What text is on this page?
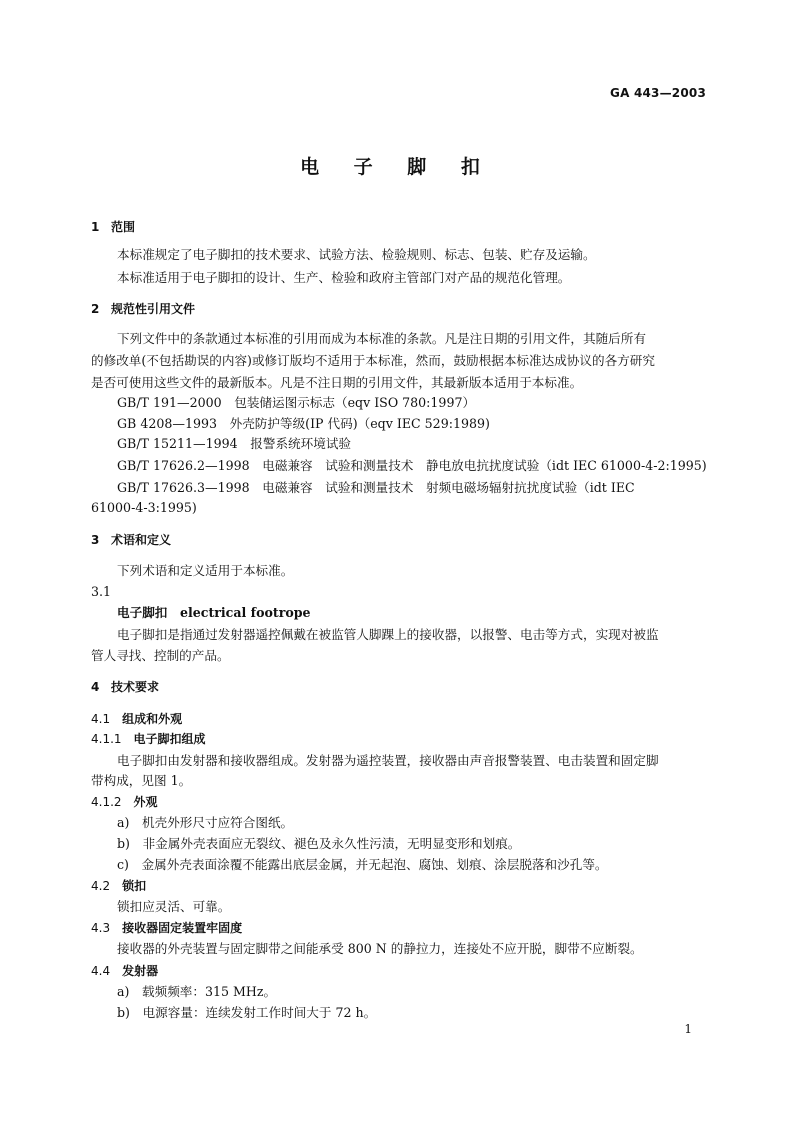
GA 443—2003
电 子 脚 扣
1 范围
本标准规定了电子脚扣的技术要求、试验方法、检验规则、标志、包装、贮存及运输。
本标准适用于电子脚扣的设计、生产、检验和政府主管部门对产品的规范化管理。
2 规范性引用文件
下列文件中的条款通过本标准的引用而成为本标准的条款。凡是注日期的引用文件，其随后所有
的修改单(不包括勘误的内容)或修订版均不适用于本标准，然而，鼓励根据本标准达成协议的各方研究
是否可使用这些文件的最新版本。凡是不注日期的引用文件，其最新版本适用于本标准。
GB/T 191—2000　包装储运图示标志（eqv ISO 780:1997）
GB 4208—1993　外壳防护等级(IP 代码)（eqv IEC 529:1989)
GB/T 15211—1994　报警系统环境试验
GB/T 17626.2—1998　电磁兼容　试验和测量技术　静电放电抗扰度试验（idt IEC 61000-4-2:1995)
GB/T 17626.3—1998　电磁兼容　试验和测量技术　射频电磁场辐射抗扰度试验（idt IEC
61000-4-3:1995)
3 术语和定义
下列术语和定义适用于本标准。
3.1
电子脚扣　electrical footrope
电子脚扣是指通过发射器遥控佩戴在被监管人脚踝上的接收器，以报警、电击等方式，实现对被监
管人寻找、控制的产品。
4 技术要求
4.1 组成和外观
4.1.1 电子脚扣组成
电子脚扣由发射器和接收器组成。发射器为遥控装置，接收器由声音报警装置、电击装置和固定脚
带构成，见图 1。
4.1.2 外观
a)　机壳外形尺寸应符合图纸。
b)　非金属外壳表面应无裂纹、褪色及永久性污渍，无明显变形和划痕。
c)　金属外壳表面涂覆不能露出底层金属，并无起泡、腐蚀、划痕、涂层脱落和沙孔等。
4.2 锁扣
锁扣应灵活、可靠。
4.3 接收器固定装置牢固度
接收器的外壳装置与固定脚带之间能承受 800 N 的静拉力，连接处不应开脱，脚带不应断裂。
4.4 发射器
a)　载频频率：315 MHz。
b)　电源容量：连续发射工作时间大于 72 h。
1
